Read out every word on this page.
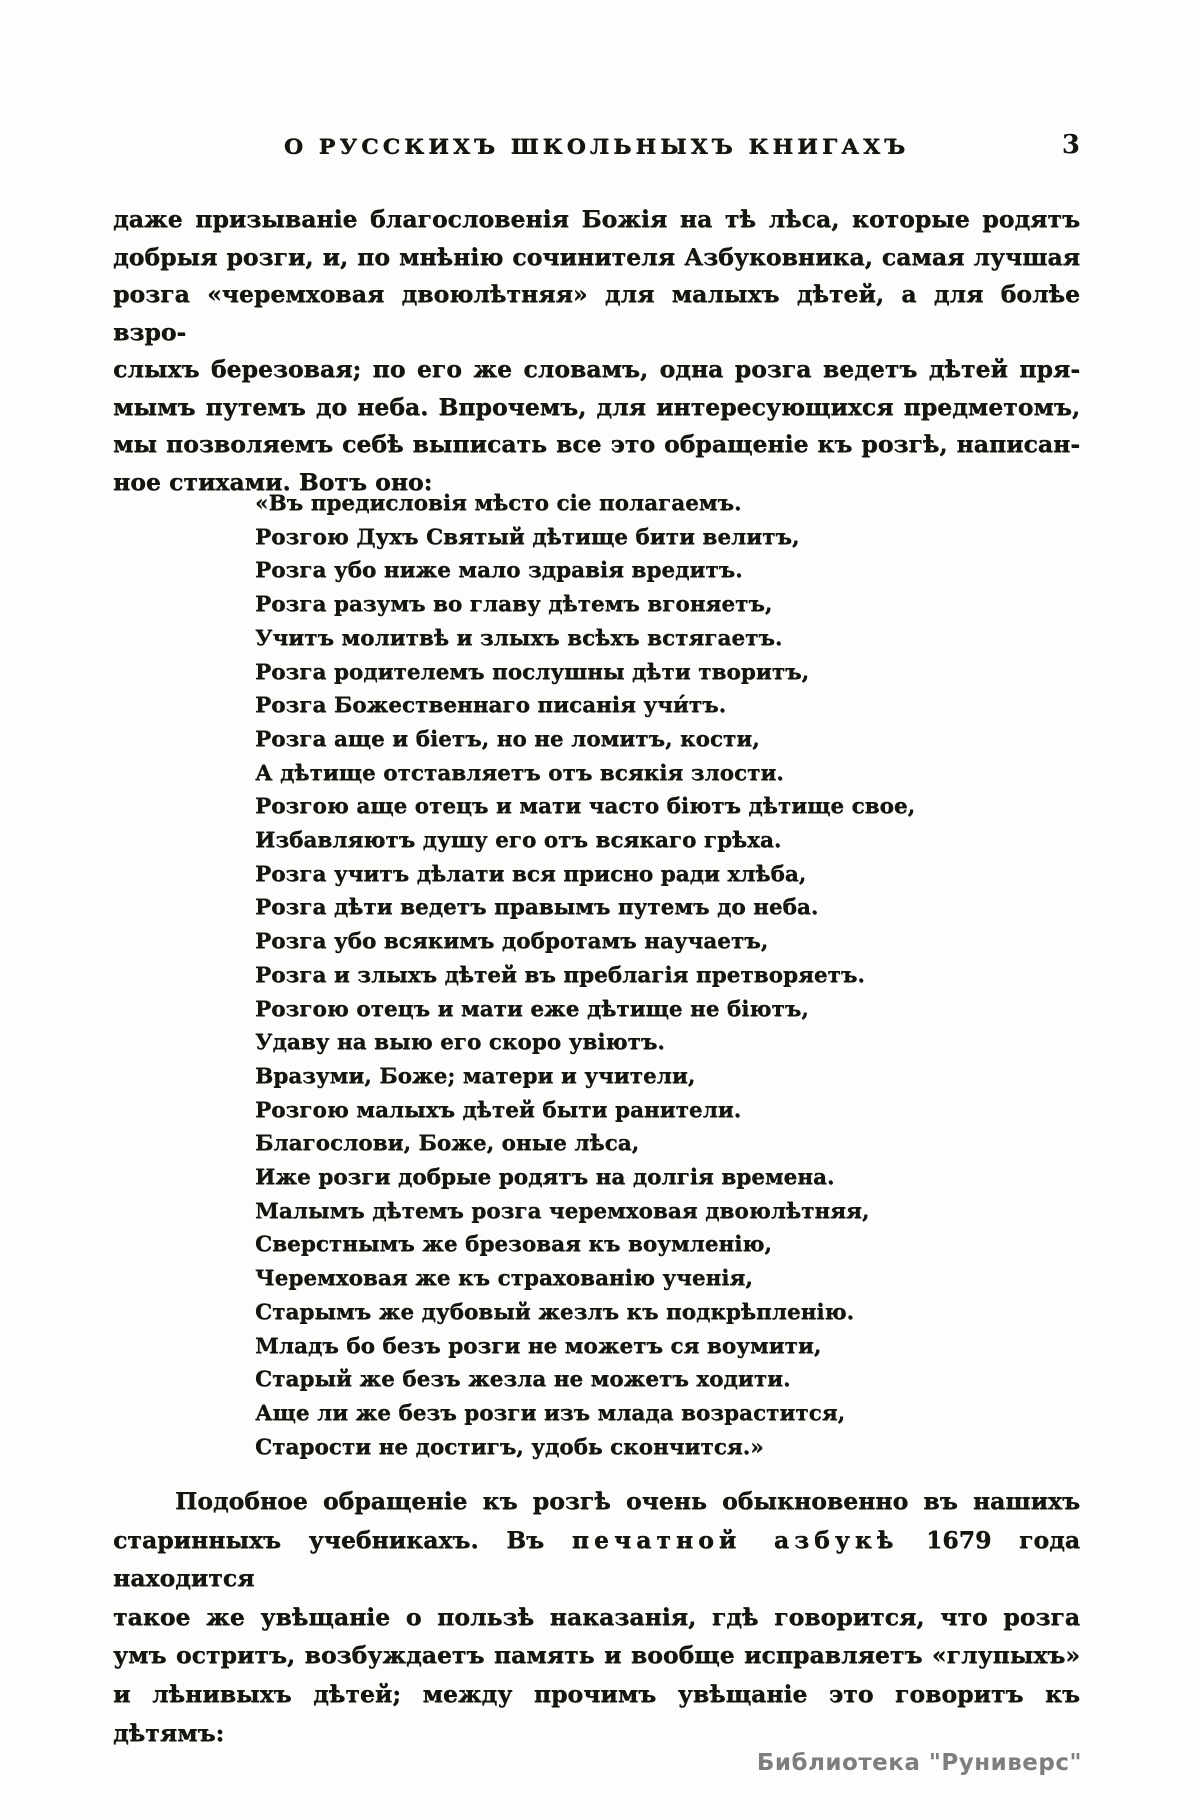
О РУССКИХЪ ШКОЛЬНЫХЪ КНИГАХЪ	3
даже призываніе благословенія Божія на тѣ лѣса, которые родятъ
добрыя розги, и, по мнѣнію сочинителя Азбуковника, самая лучшая
розга «черемховая двоюлѣтняя» для малыхъ дѣтей, а для болѣе взро-
слыхъ березовая; по его же словамъ, одна розга ведетъ дѣтей пря-
мымъ путемъ до неба. Впрочемъ, для интересующихся предметомъ,
мы позволяемъ себѣ выписать все это обращеніе къ розгѣ, написан-
ное стихами. Вотъ оно:
«Въ предисловія мѣсто сіе полагаемъ.
Розгою Духъ Святый дѣтище бити велитъ,
Розга убо ниже мало здравія вредитъ.
Розга разумъ во главу дѣтемъ вгоняетъ,
Учитъ молитвѣ и злыхъ всѣхъ встягаетъ.
Розга родителемъ послушны дѣти творитъ,
Розга Божественнаго писанія учи́тъ.
Розга аще и біетъ, но не ломитъ, кости,
А дѣтище отставляетъ отъ всякія злости.
Розгою аще отецъ и мати часто біютъ дѣтище свое,
Избавляютъ душу его отъ всякаго грѣха.
Розга учитъ дѣлати вся присно ради хлѣба,
Розга дѣти ведетъ правымъ путемъ до неба.
Розга убо всякимъ добротамъ научаетъ,
Розга и злыхъ дѣтей въ преблагія претворяетъ.
Розгою отецъ и мати еже дѣтище не біютъ,
Удаву на выю его скоро увіютъ.
Вразуми, Боже; матери и учители,
Розгою малыхъ дѣтей быти ранители.
Благослови, Боже, оные лѣса,
Иже розги добрые родятъ на долгія времена.
Малымъ дѣтемъ розга черемховая двоюлѣтняя,
Сверстнымъ же брезовая къ воумленію,
Черемховая же къ страхованію ученія,
Старымъ же дубовый жезлъ къ подкрѣпленію.
Младъ бо безъ розги не можетъ ся воумити,
Старый же безъ жезла не можетъ ходити.
Аще ли же безъ розги изъ млада возрастится,
Старости не достигъ, удобь скончится.»
Подобное обращеніе къ розгѣ очень обыкновенно въ нашихъ
старинныхъ учебникахъ. Въ печатной азбукѣ 1679 года находится
такое же увѣщаніе о пользѣ наказанія, гдѣ говорится, что розга
умъ остритъ, возбуждаетъ память и вообще исправляетъ «глупыхъ»
и лѣнивыхъ дѣтей; между прочимъ увѣщаніе это говоритъ къ дѣтямъ:
Библиотека "Руниверс"
